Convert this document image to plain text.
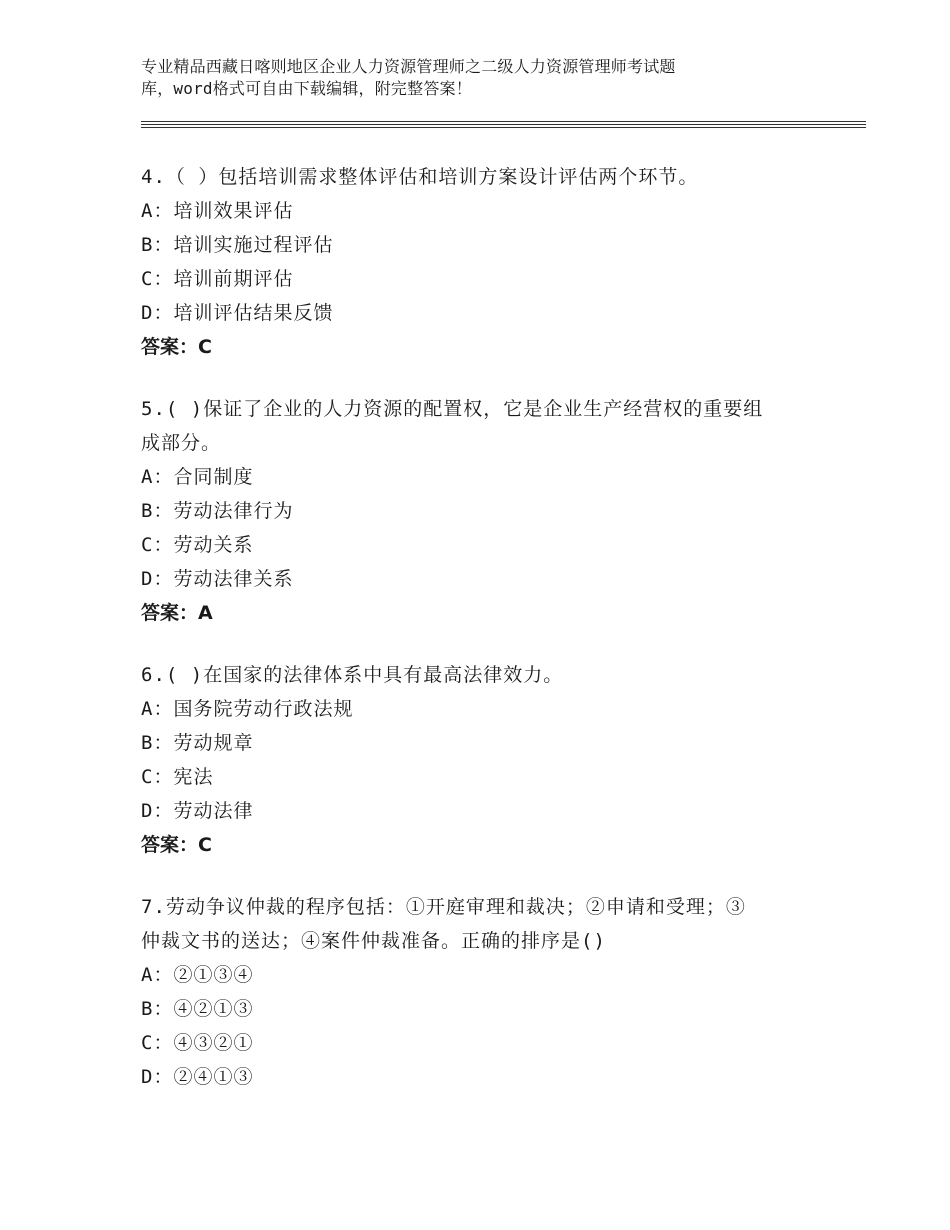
专业精品西藏日喀则地区企业人力资源管理师之二级人力资源管理师考试题
库，word格式可自由下载编辑，附完整答案！

4.（ ）包括培训需求整体评估和培训方案设计评估两个环节。

A：培训效果评估

B：培训实施过程评估

C：培训前期评估

D：培训评估结果反馈

答案：C

5.( )保证了企业的人力资源的配置权，它是企业生产经营权的重要组

成部分。

A：合同制度

B：劳动法律行为

C：劳动关系

D：劳动法律关系

答案：A

6.( )在国家的法律体系中具有最高法律效力。

A：国务院劳动行政法规

B：劳动规章

C：宪法

D：劳动法律

答案：C

7.劳动争议仲裁的程序包括：①开庭审理和裁决；②申请和受理；③

仲裁文书的送达；④案件仲裁准备。正确的排序是()

A：②①③④

B：④②①③

C：④③②①

D：②④①③
